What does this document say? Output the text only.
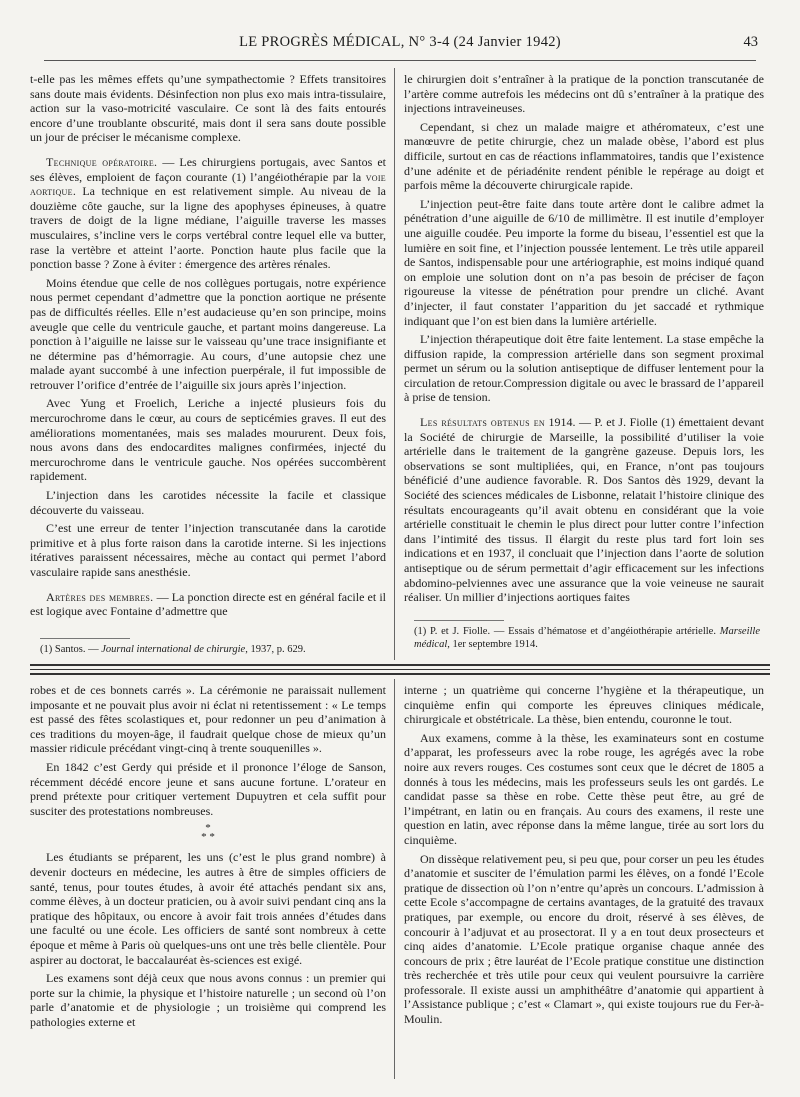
LE PROGRÈS MÉDICAL, N° 3-4 (24 Janvier 1942)	43

t-elle pas les mêmes effets qu’une sympathectomie ? Effets transitoires sans doute mais évidents. Désinfection non plus exo mais intra-tissulaire, action sur la vaso-motricité vasculaire. Ce sont là des faits entourés encore d’une troublante obscurité, mais dont il sera sans doute possible un jour de préciser le mécanisme complexe.

Technique opératoire. — Les chirurgiens portugais, avec Santos et ses élèves, emploient de façon courante (1) l’angéiothérapie par la voie aortique. La technique en est relativement simple. Au niveau de la douzième côte gauche, sur la ligne des apophyses épineuses, à quatre travers de doigt de la ligne médiane, l’aiguille traverse les masses musculaires, s’incline vers le corps vertébral contre lequel elle va butter, rase la vertèbre et atteint l’aorte. Ponction haute plus facile que la ponction basse ? Zone à éviter : émergence des artères rénales.

Moins étendue que celle de nos collègues portugais, notre expérience nous permet cependant d’admettre que la ponction aortique ne présente pas de difficultés réelles. Elle n’est audacieuse qu’en son principe, moins aveugle que celle du ventricule gauche, et partant moins dangereuse. La ponction à l’aiguille ne laisse sur le vaisseau qu’une trace insignifiante et ne détermine pas d’hémorragie. Au cours, d’une autopsie chez une malade ayant succombé à une infection puerpérale, il fut impossible de retrouver l’orifice d’entrée de l’aiguille six jours après l’injection.

Avec Yung et Froelich, Leriche a injecté plusieurs fois du mercurochrome dans le cœur, au cours de septicémies graves. Il eut des améliorations momentanées, mais ses malades moururent. Deux fois, nous avons dans des endocardites malignes confirmées, injecté du mercurochrome dans le ventricule gauche. Nos opérées succombèrent rapidement.

L’injection dans les carotides nécessite la facile et classique découverte du vaisseau.

C’est une erreur de tenter l’injection transcutanée dans la carotide primitive et à plus forte raison dans la carotide interne. Si les injections itératives paraissent nécessaires, mèche au contact qui permet l’abord vasculaire rapide sans anesthésie.

Artères des membres. — La ponction directe est en général facile et il est logique avec Fontaine d’admettre que

(1) Santos. — Journal international de chirurgie, 1937, p. 629.

le chirurgien doit s’entraîner à la pratique de la ponction transcutanée de l’artère comme autrefois les médecins ont dû s’entraîner à la pratique des injections intraveineuses.

Cependant, si chez un malade maigre et athéromateux, c’est une manœuvre de petite chirurgie, chez un malade obèse, l’abord est plus difficile, surtout en cas de réactions inflammatoires, tandis que l’existence d’une adénite et de périadénite rendent pénible le repérage au doigt et parfois même la découverte chirurgicale rapide.

L’injection peut-être faite dans toute artère dont le calibre admet la pénétration d’une aiguille de 6/10 de millimètre. Il est inutile d’employer une aiguille coudée. Peu importe la forme du biseau, l’essentiel est que la lumière en soit fine, et l’injection poussée lentement. Le très utile appareil de Santos, indispensable pour une artériographie, est moins indiqué quand on emploie une solution dont on n’a pas besoin de préciser de façon rigoureuse la vitesse de pénétration pour prendre un cliché. Avant d’injecter, il faut constater l’apparition du jet saccadé et rythmique indiquant que l’on est bien dans la lumière artérielle.

L’injection thérapeutique doit être faite lentement. La stase empêche la diffusion rapide, la compression artérielle dans son segment proximal permet un sérum ou la solution antiseptique de diffuser lentement pour la circulation de retour.Compression digitale ou avec le brassard de l’appareil à prise de tension.

Les résultats obtenus en 1914. — P. et J. Fiolle (1) émettaient devant la Société de chirurgie de Marseille, la possibilité d’utiliser la voie artérielle dans le traitement de la gangrène gazeuse. Depuis lors, les observations se sont multipliées, qui, en France, n’ont pas toujours bénéficié d’une audience favorable. R. Dos Santos dès 1929, devant la Société des sciences médicales de Lisbonne, relatait l’histoire clinique des résultats encourageants qu’il avait obtenu en considérant que la voie artérielle constituait le chemin le plus direct pour lutter contre l’infection dans l’intimité des tissus. Il élargit du reste plus tard fort loin ses indications et en 1937, il concluait que l’injection dans l’aorte de solution antiseptique ou de sérum permettait d’agir efficacement sur les infections abdomino-pelviennes avec une assurance que la voie veineuse ne saurait réaliser. Un millier d’injections aortiques faites

(1) P. et J. Fiolle. — Essais d’hématose et d’angéiothérapie artérielle. Marseille médical, 1er septembre 1914.

robes et de ces bonnets carrés ». La cérémonie ne paraissait nullement imposante et ne pouvait plus avoir ni éclat ni retentissement : « Le temps est passé des fêtes scolastiques et, pour redonner un peu d’animation à ces traditions du moyen-âge, il faudrait quelque chose de mieux qu’un massier ridicule précédant vingt-cinq à trente souquenilles ».

En 1842 c’est Gerdy qui préside et il prononce l’éloge de Sanson, récemment décédé encore jeune et sans aucune fortune. L’orateur en prend prétexte pour critiquer vertement Dupuytren et cela suffit pour susciter des protestations nombreuses.

*
* *

Les étudiants se préparent, les uns (c’est le plus grand nombre) à devenir docteurs en médecine, les autres à être de simples officiers de santé, tenus, pour toutes études, à avoir été attachés pendant six ans, comme élèves, à un docteur praticien, ou à avoir suivi pendant cinq ans la pratique des hôpitaux, ou encore à avoir fait trois années d’études dans une faculté ou une école. Les officiers de santé sont nombreux à cette époque et même à Paris où quelques-uns ont une très belle clientèle. Pour aspirer au doctorat, le baccalauréat ès-sciences est exigé.

Les examens sont déjà ceux que nous avons connus : un premier qui porte sur la chimie, la physique et l’histoire naturelle ; un second où l’on parle d’anatomie et de physiologie ; un troisième qui comprend les pathologies externe et

interne ; un quatrième qui concerne l’hygiène et la thérapeutique, un cinquième enfin qui comporte les épreuves cliniques médicale, chirurgicale et obstétricale. La thèse, bien entendu, couronne le tout.

Aux examens, comme à la thèse, les examinateurs sont en costume d’apparat, les professeurs avec la robe rouge, les agrégés avec la robe noire aux revers rouges. Ces costumes sont ceux que le décret de 1805 a donnés à tous les médecins, mais les professeurs seuls les ont gardés. Le candidat passe sa thèse en robe. Cette thèse peut être, au gré de l’impétrant, en latin ou en français. Au cours des examens, il reste une question en latin, avec réponse dans la même langue, tirée au sort lors du cinquième.

On dissèque relativement peu, si peu que, pour corser un peu les études d’anatomie et susciter de l’émulation parmi les élèves, on a fondé l’Ecole pratique de dissection où l’on n’entre qu’après un concours. L’admission à cette Ecole s’accompagne de certains avantages, de la gratuité des travaux pratiques, par exemple, ou encore du droit, réservé à ses élèves, de concourir à l’adjuvat et au prosectorat. Il y a en tout deux prosecteurs et cinq aides d’anatomie. L’Ecole pratique organise chaque année des concours de prix ; être lauréat de l’Ecole pratique constitue une distinction très recherchée et très utile pour ceux qui veulent poursuivre la carrière professorale. Il existe aussi un amphithéâtre d’anatomie qui appartient à l’Assistance publique ; c’est « Clamart », qui existe toujours rue du Fer-à-Moulin.
